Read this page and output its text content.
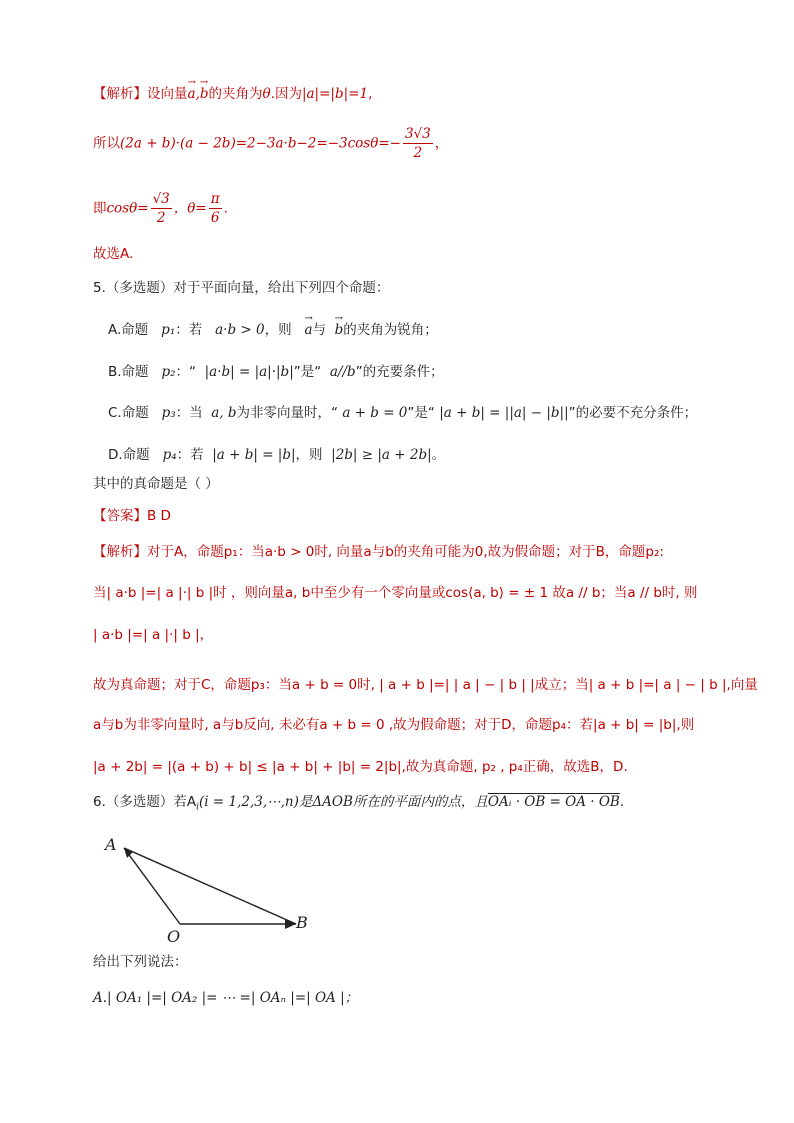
【解析】设向量→ a,→ b的夹角为θ.因为|a|=|b|=1,
所以$(2a + b)\cdot(a - 2b)=2-3a\cdot b-2=-3\cos\theta=- \frac{3√3}{2}$ ，
即$\cos\theta= \frac{√3}{2}$ ，$\theta= \frac{\pi}{6}$ .
故选A.
5.（多选题）对于平面向量，给出下列四个命题：
A.命题 p₁：若 a·b > 0，则 → a与 → b的夹角为锐角；
B.命题 p₂：“ |a·b| = |a|·|b|”是“ a//b”的充要条件；
C.命题 p₃：当 a, b为非零向量时，“ a + b = 0”是“ |a + b| = ||a| − |b||”的必要不充分条件；
D.命题 p₄：若 |a + b| = |b|，则 |2b| ≥ |a + 2b|。
其中的真命题是（ ）
【答案】B D
【解析】对于A，命题p₁：当a·b > 0时, 向量a与b的夹角可能为0,故为假命题；对于B，命题p₂:
当| a·b |=| a |·| b |时 ，则向量a, b中至少有一个零向量或cos⟨a, b⟩ = ± 1 故a // b；当a // b时, 则
| a·b |=| a |·| b |，
故为真命题；对于C，命题p₃：当a + b = 0时, | a + b |=| | a | − | b | |成立；当| a + b |=| a | − | b |,向量
a与b为非零向量时, a与b反向, 未必有a + b = 0 ,故为假命题；对于D，命题p₄：若|a + b| = |b|,则
|a + 2b| = |(a + b) + b| ≤ |a + b| + |b| = 2|b|,故为真命题, p₂ , p₄正确，故选B，D.
6.（多选题）若$A_i(i$ = 1,2,3,⋯,n)是ΔAOB所在的平面内的点，且OAᵢ · OB = OA · OB.
A
O
B
给出下列说法：
A.| OA₁ |=| OA₂ |= ⋯ =| OAₙ |=| OA |；
